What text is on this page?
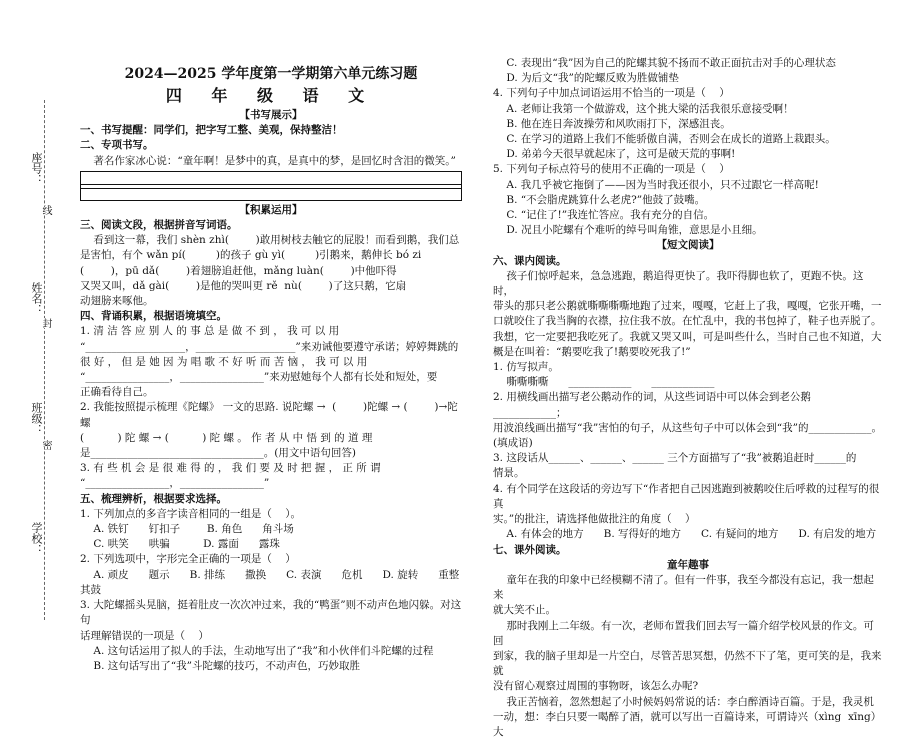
座号：
线
姓名：
封
班级：
密
学校：
2024—2025 学年度第一学期第六单元练习题
四 年 级 语 文
【书写展示】
一、书写提醒：同学们，把字写工整、美观，保持整洁！
二、专项书写。
著名作家冰心说：“童年啊！是梦中的真，是真中的梦，是回忆时含泪的微笑。”
【积累运用】
三、阅读文段，根据拼音写词语。
看到这一幕，我们 shèn zhì(        )敢用树枝去触它的屁股！而看到鹅，我们总
是害怕，有个 wǎn pí(         )的孩子 gù yì(         )引鹅来，鹅伸长 bó zi
(        )，pū dǎ(        )着翅膀追赶他，mǎng luàn(        )中他吓得
又哭又叫，dǎ gài(        )是他的哭叫更 rě  nù(        )了这只鹅，它扇
动翅膀来啄他。
四、背诵积累，根据语境填空。
1. 清 洁 答 应 别 人 的 事 总 是 做 不 到 ， 我 可 以 用
“___________________，___________________”来劝诫他要遵守承诺；婷婷舞跳的
很 好 ， 但 是 她 因 为 唱 歌 不 好 听 而 苦 恼 ， 我 可 以 用
“________________，________________”来劝慰她每个人都有长处和短处，要
正确看待自己。
2. 我能按照提示梳理《陀螺》 一文的思路. 说陀螺 →  (        )陀螺 → (        )→陀螺
(          ) 陀 螺 → (          ) 陀 螺 。 作 者 从 中 悟 到 的 道 理
是_________________________________。(用文中语句回答)
3. 有 些 机 会 是 很 难 得 的 ， 我 们 要 及 时 把 握 ， 正 所 谓
“________________，________________”
五、梳理辨析，根据要求选择。
1. 下列加点的多音字读音相同的一组是（    ）。
A. 铁钉      钉扣子        B. 角色      角斗场
C. 哄笑      哄骗          D. 露面      露珠
2. 下列选项中，字形完全正确的一项是（    ）
A. 顽皮      题示      B. 排练      撒换      C. 表演      危机      D. 旋转      重整其鼓
3. 大陀螺摇头晃脑，挺着肚皮一次次冲过来，我的“鸭蛋”则不动声色地闪躲。对这句
话理解错误的一项是（    ）
A. 这句话运用了拟人的手法，生动地写出了“我”和小伙伴们斗陀螺的过程
B. 这句话写出了“我”斗陀螺的技巧，不动声色，巧妙取胜
C. 表现出“我”因为自己的陀螺其貌不扬而不敢正面抗击对手的心理状态
D. 为后文“我”的陀螺反败为胜做铺垫
4. 下列句子中加点词语运用不恰当的一项是（    ）
A. 老师让我第一个做游戏，这个挑大梁的活我很乐意接受啊！
B. 他在连日奔波操劳和风吹雨打下，深感沮丧。
C. 在学习的道路上我们不能骄傲自满，否则会在成长的道路上栽跟头。
D. 弟弟今天很早就起床了，这可是破天荒的事啊!
5. 下列句子标点符号的使用不正确的一项是（    ）
A. 我几乎被它拖倒了——因为当时我还很小，只不过跟它一样高呢!
B. “不会脂虎跳算什么老虎?”他鼓了鼓嘴。
C. “记住了!”我连忙答应。我有充分的自信。
D. 况且小陀螺有个难听的绰号叫角锥，意思是小且细。
【短文阅读】
六、课内阅读。
孩子们惊呼起来，急急逃跑，鹅追得更快了。我吓得脚也软了，更跑不快。这时，
带头的那只老公鹅就嘶嘶嘶嘶地跑了过来，嘎嘎，它赶上了我，嘎嘎，它张开嘴，一
口就咬住了我当胸的衣襟，拉住我不放。在忙乱中，我的书包掉了，鞋子也弄脱了。
我想，它一定要把我吃死了。我就又哭又叫，可是叫些什么，当时自己也不知道，大
概是在叫着：“鹅要吃我了!鹅要咬死我了!”
1. 仿写拟声。
嘶嘶嘶嘶      ____________      ____________
2. 用横线画出描写老公鹅动作的词，从这些词语中可以体会到老公鹅____________；
用波浪线画出描写“我”害怕的句子，从这些句子中可以体会到“我”的____________。
(填成语)
3. 这段话从______、______、______ 三个方面描写了“我”被鹅追赶时______的
情景。
4. 有个同学在这段话的旁边写下“作者把自己因逃跑到被鹅咬住后呼救的过程写的很真
实。”的批注，请选择他做批注的角度（    ）
A. 有体会的地方      B. 写得好的地方      C. 有疑问的地方      D. 有启发的地方
七、课外阅读。
童年趣事
童年在我的印象中已经模糊不清了。但有一件事，我至今都没有忘记，我一想起来
就大笑不止。
那时我刚上二年级。有一次，老师布置我们回去写一篇介绍学校风景的作文。可回
到家，我的脑子里却是一片空白，尽管苦思冥想，仍然不下了笔，更可笑的是，我来就
没有留心观察过周围的事物呀，该怎么办呢?
我正苦恼着，忽然想起了小时候妈妈常说的话：李白醉酒诗百篇。于是，我灵机
一动，想：李白只要一喝醉了酒，就可以写出一百篇诗来，可谓诗兴（xìng  xīng）大
